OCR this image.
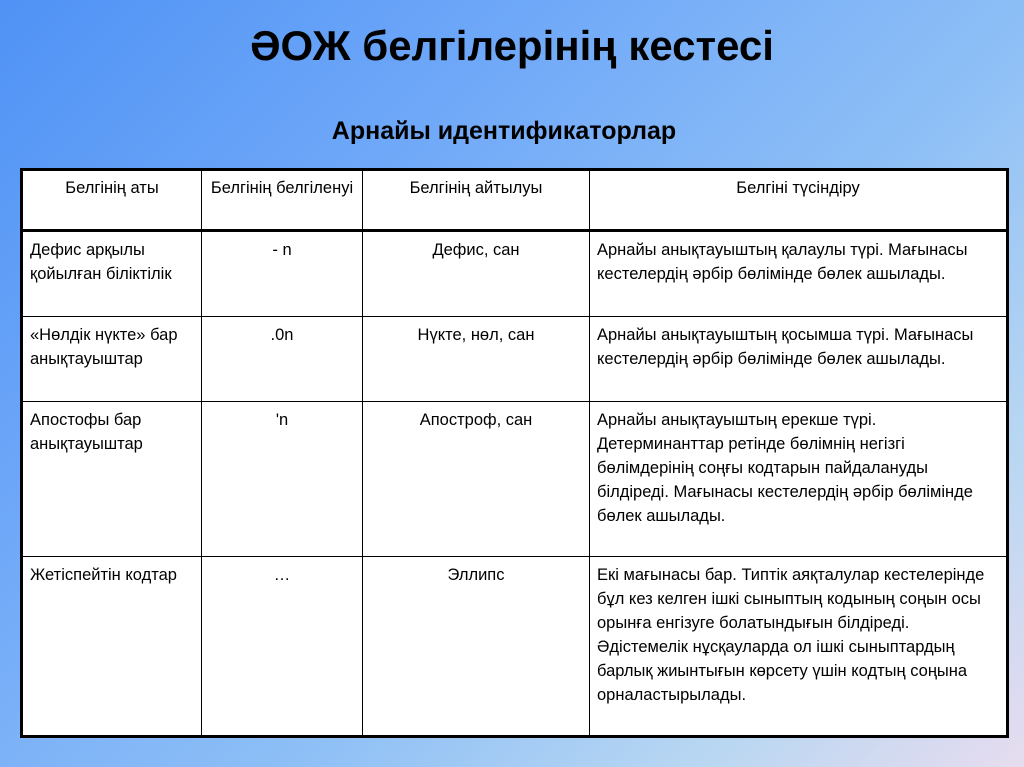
ӘОЖ белгілерінің кестесі
Арнайы идентификаторлар
Белгінің аты	Белгінің белгіленуі	Белгінің айтылуы	Белгіні түсіндіру
Дефис арқылы қойылған біліктілік	- n	Дефис, сан	Арнайы анықтауыштың қалаулы түрі. Мағынасы кестелердің әрбір бөлімінде бөлек ашылады.
«Нөлдік нүкте» бар анықтауыштар	.0n	Нүкте, нөл, сан	Арнайы анықтауыштың қосымша түрі. Мағынасы кестелердің әрбір бөлімінде бөлек ашылады.
Апостофы бар анықтауыштар	'n	Апостроф, сан	Арнайы анықтауыштың ерекше түрі. Детерминанттар ретінде бөлімнің негізгі бөлімдерінің соңғы кодтарын пайдалануды білдіреді. Мағынасы кестелердің әрбір бөлімінде бөлек ашылады.
Жетіспейтін кодтар	…	Эллипс	Екі мағынасы бар. Типтік аяқталулар кестелерінде бұл кез келген ішкі сыныптың кодының соңын осы орынға енгізуге болатындығын білдіреді. Әдістемелік нұсқауларда ол ішкі сыныптардың барлық жиынтығын көрсету үшін кодтың соңына орналастырылады.
